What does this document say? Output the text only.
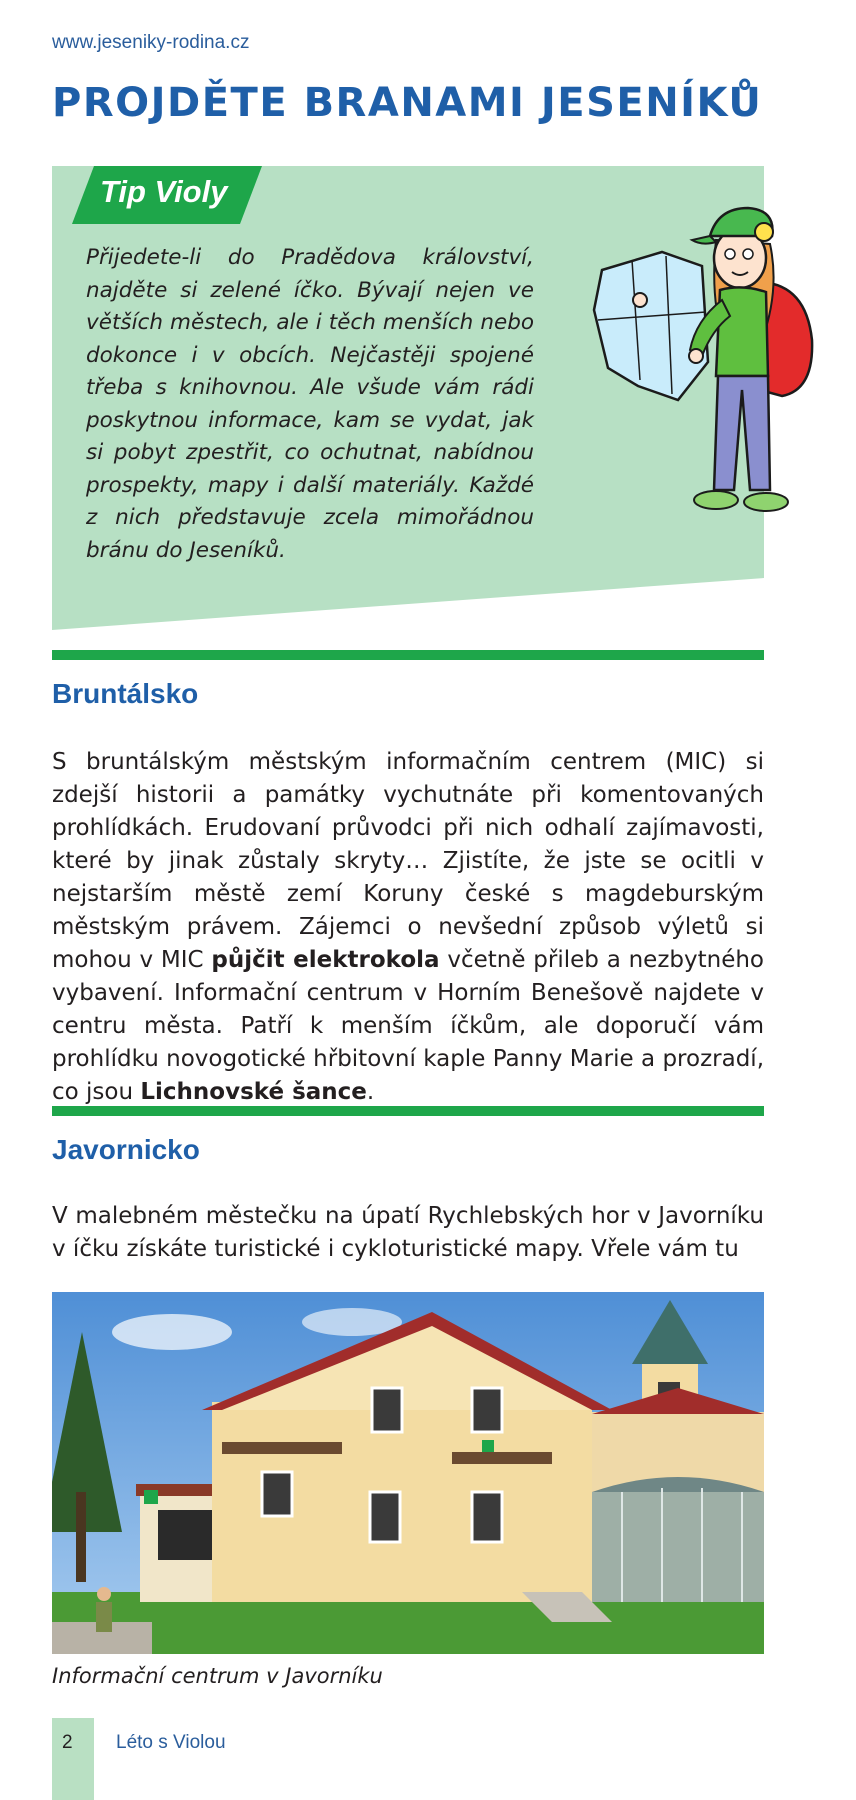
www.jeseniky-rodina.cz
PROJDĚTE BRANAMI JESENÍKŮ
Tip Violy

Přijedete-li do Pradědova království, najděte si zelené íčko. Bývají nejen ve větších městech, ale i těch menších nebo dokonce i v obcích. Nejčastěji spojené třeba s knihovnou. Ale všude vám rádi poskytnou informace, kam se vydat, jak si pobyt zpestřit, co ochutnat, nabídnou prospekty, mapy i další materiály. Každé z nich představuje zcela mimořádnou bránu do Jeseníků.

Bruntálsko

S bruntálským městským informačním centrem (MIC) si zdejší historii a památky vychutnáte při komentovaných prohlídkách. Erudovaní průvodci při nich odhalí zajímavosti, které by jinak zůstaly skryty… Zjistíte, že jste se ocitli v nejstarším městě zemí Koruny české s magdeburským městským právem. Zájemci o nevšední způsob výletů si mohou v MIC půjčit elektrokola včetně přileb a nezbytného vybavení. Informační centrum v Horním Benešově najdete v centru města. Patří k menším íčkům, ale doporučí vám prohlídku novogotické hřbitovní kaple Panny Marie a prozradí, co jsou Lichnovské šance.

Javornicko

V malebném městečku na úpatí Rychlebských hor v Javorníku v íčku získáte turistické i cykloturistické mapy. Vřele vám tu

Informační centrum v Javorníku
2 Léto s Violou
